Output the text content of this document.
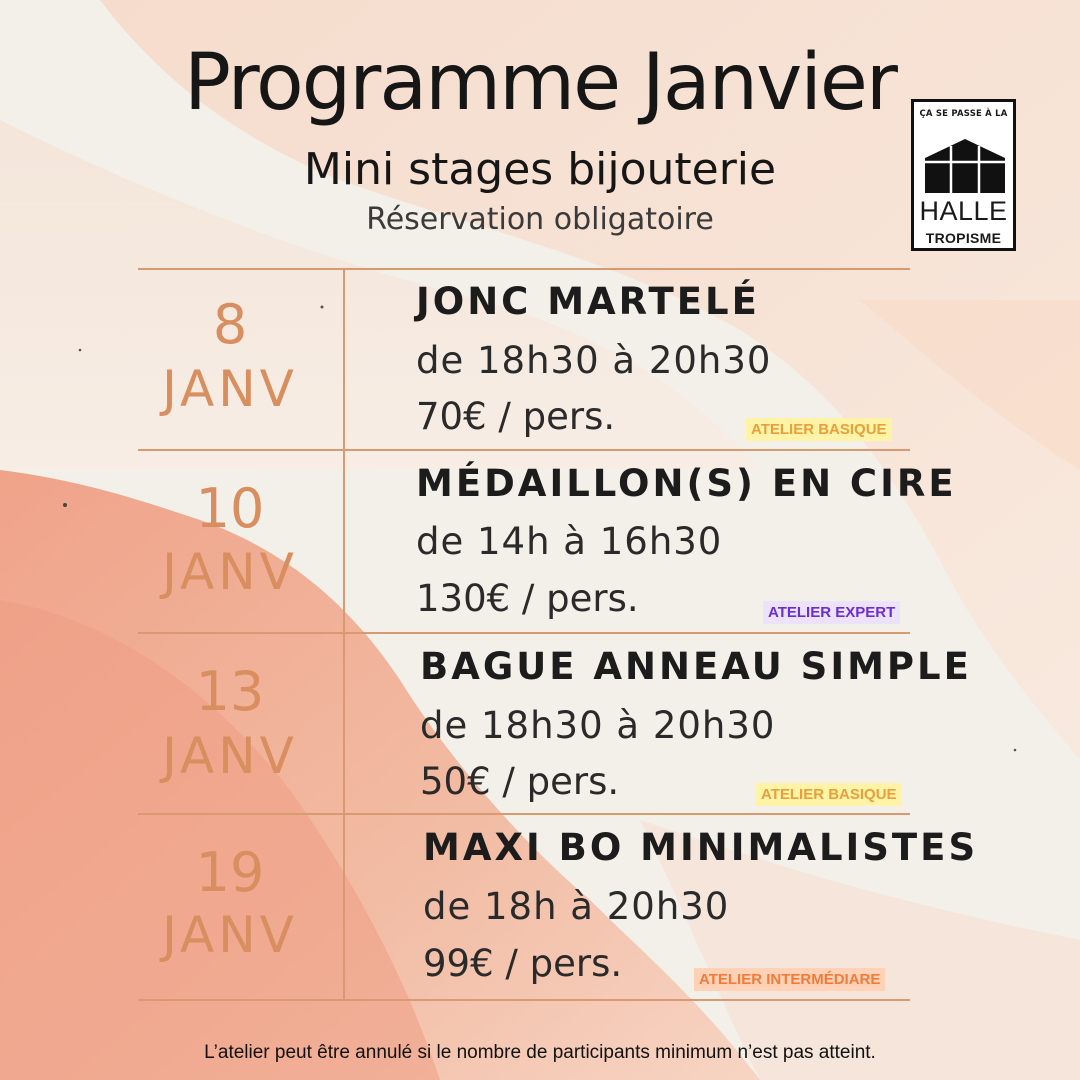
Programme Janvier
Mini stages bijouterie
Réservation obligatoire
ÇA SE PASSE À LA
HALLE
TROPISME
8
JANV
JONC MARTELÉ
de 18h30 à 20h30
70€ / pers.	ATELIER BASIQUE
10
JANV
MÉDAILLON(S) EN CIRE
de 14h à 16h30
130€ / pers.	ATELIER EXPERT
13
JANV
BAGUE ANNEAU SIMPLE
de 18h30 à 20h30
50€ / pers.	ATELIER BASIQUE
19
JANV
MAXI BO MINIMALISTES
de 18h à 20h30
99€ / pers.	ATELIER INTERMÉDIARE
L’atelier peut être annulé si le nombre de participants minimum n’est pas atteint.
